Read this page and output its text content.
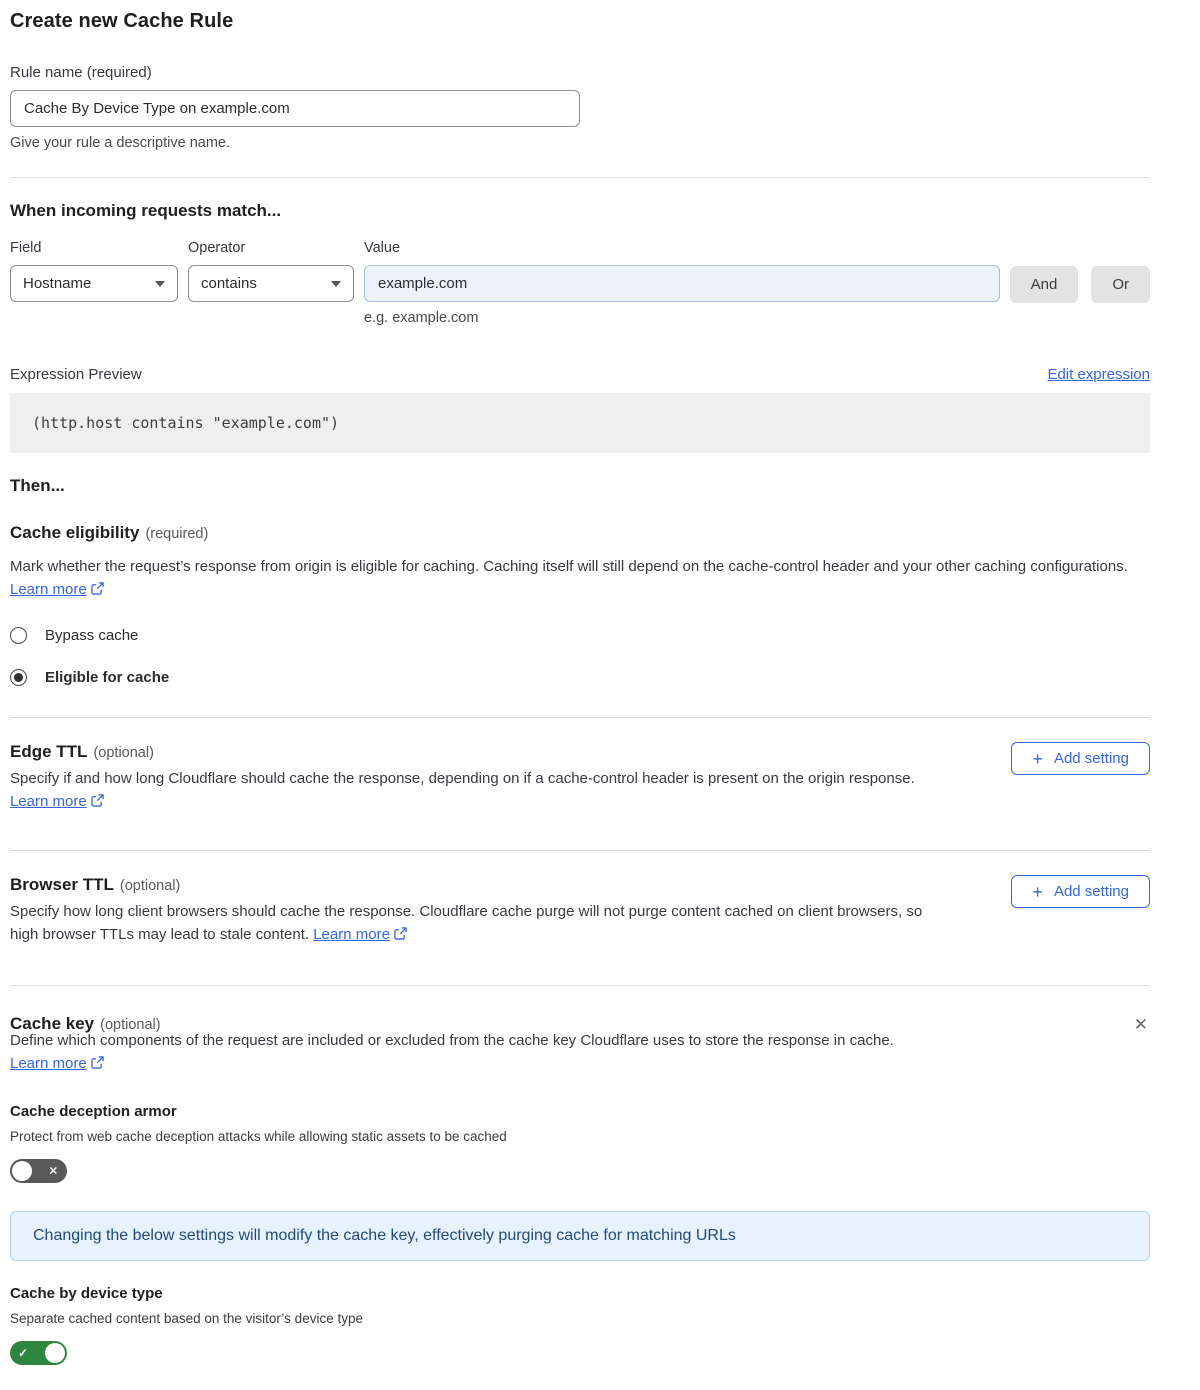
Create new Cache Rule
Rule name (required)
Cache By Device Type on example.com
Give your rule a descriptive name.
When incoming requests match...
Field
Hostname
Operator
contains
Value
example.com
e.g. example.com
And	Or
Expression Preview	Edit expression
(http.host contains "example.com")
Then...
Cache eligibility (required)

Mark whether the request’s response from origin is eligible for caching. Caching itself will still depend on the cache-control header and your other caching configurations. Learn more

Bypass cache
Eligible for cache
Edge TTL (optional)	+ Add setting

Specify if and how long Cloudflare should cache the response, depending on if a cache-control header is present on the origin response. Learn more

Browser TTL (optional)	+ Add setting

Specify how long client browsers should cache the response. Cloudflare cache purge will not purge content cached on client browsers, so high browser TTLs may lead to stale content. Learn more

Cache key (optional)	✕

Define which components of the request are included or excluded from the cache key Cloudflare uses to store the response in cache.
Learn more

Cache deception armor

Protect from web cache deception attacks while allowing static assets to be cached

✕
Changing the below settings will modify the cache key, effectively purging cache for matching URLs
Cache by device type

Separate cached content based on the visitor’s device type

✓
